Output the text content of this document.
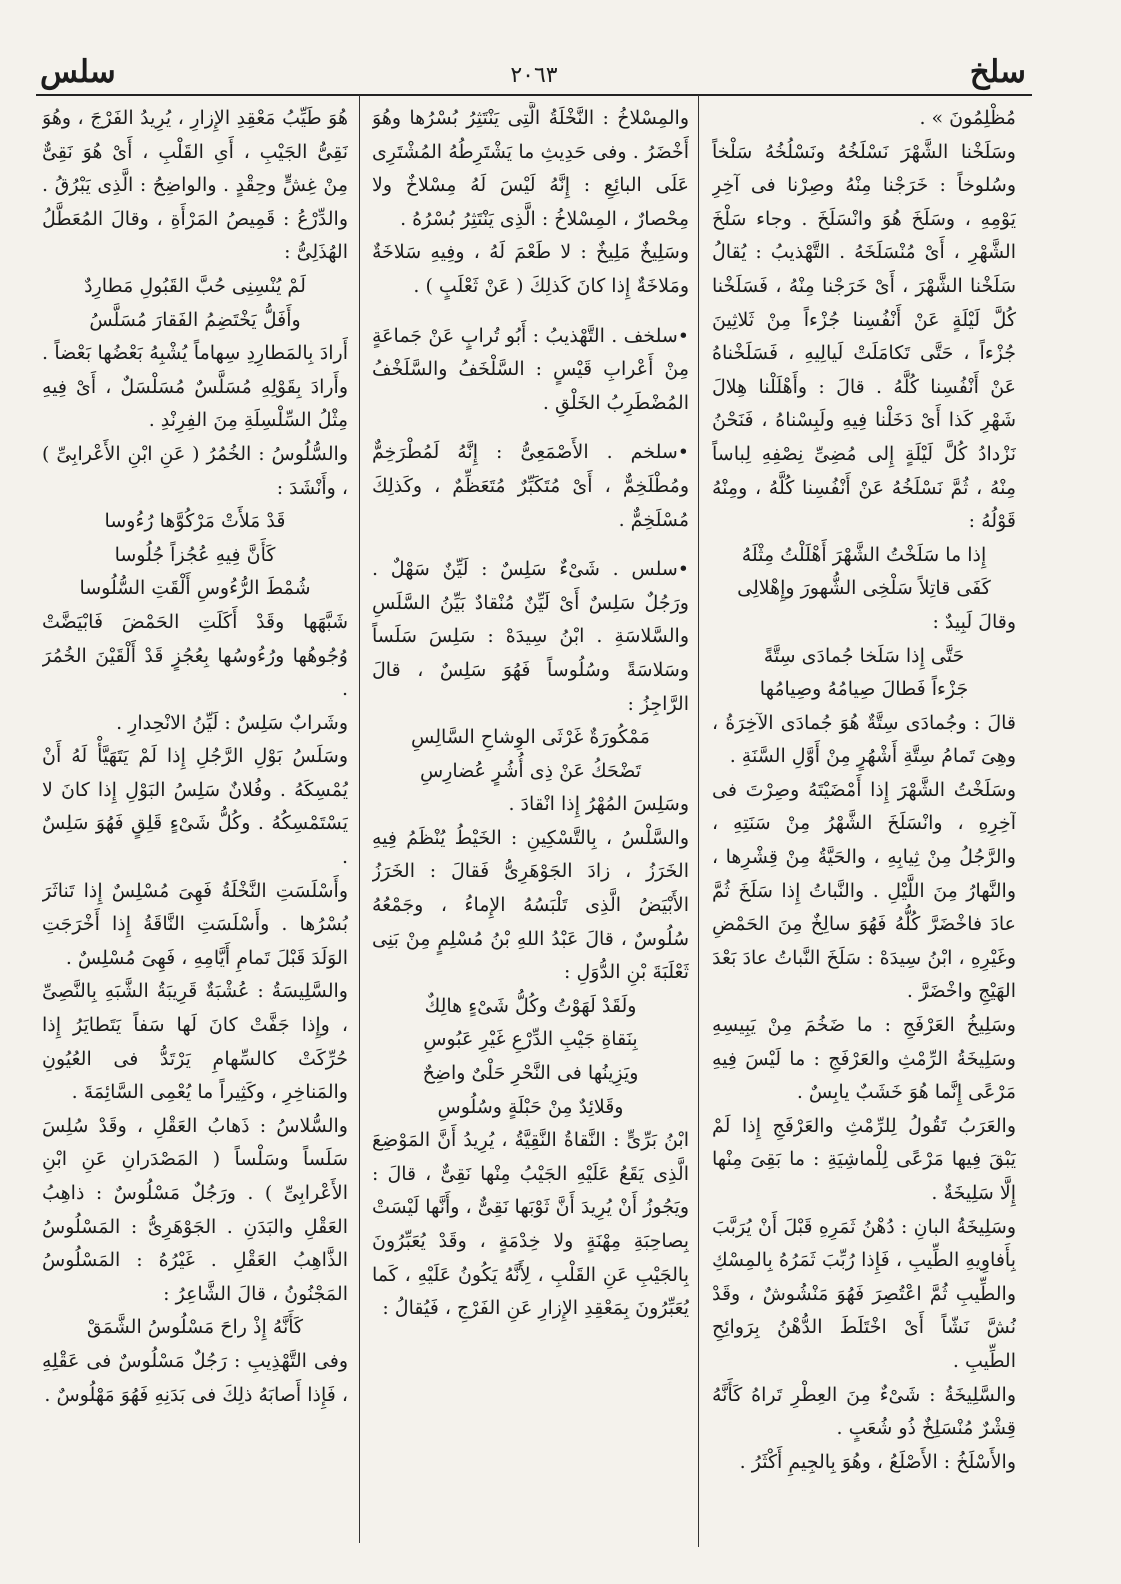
سلخ
٢٠٦٣
سلس

مُظْلِمُونَ » .

وسَلَخْنا الشَّهْرَ نَسْلَخُهُ ونَسْلُخُهُ سَلْخاً وسُلوخاً : خَرَجْنا مِنْهُ وصِرْنا فى آخِرِ يَوْمِهِ ، وسَلَخَ هُوَ وانْسَلَخَ . وجاء سَلْخَ الشَّهْرِ ، أَىْ مُنْسَلَخَهُ . التَّهْذيبُ : يُقالُ سَلَخْنا الشَّهْرَ ، أَىْ خَرَجْنا مِنْهُ ، فَسَلَخْنا كُلَّ لَيْلَةٍ عَنْ أَنْفُسِنا جُزْءاً مِنْ ثَلاثِينَ جُزْءاً ، حَتَّى تَكامَلَتْ لَيالِيهِ ، فَسَلَخْناهُ عَنْ أَنْفُسِنا كُلَّهُ . قالَ : وأَهْلَلْنا هِلالَ شَهْرِ كَذا أَىْ دَخَلْنا فِيهِ ولَبِسْناهُ ، فَنَحْنُ نَزْدادُ كُلَّ لَيْلَةٍ إِلى مُضِىِّ نِصْفِهِ لِباساً مِنْهُ ، ثُمَّ نَسْلَخُهُ عَنْ أَنْفُسِنا كُلَّهُ ، ومِنْهُ قَوْلُهُ :

إِذا ما سَلَخْتُ الشَّهْرَ أَهْلَلْتُ مِثْلَهُ

كَفَى قاتِلاً سَلْخِى الشُّهورَ وإِهْلالِى

وقالَ لَبِيدٌ :

حَتَّى إِذا سَلَخا جُمادَى سِتَّةً

جَزْءاً فَطالَ صِيامُهُ وصِيامُها

قالَ : وجُمادَى سِتَّةٌ هُوَ جُمادَى الآخِرَةُ ، وهِىَ تَمامُ سِتَّةِ أَشْهُرٍ مِنْ أَوَّلِ السَّنَةِ .

وسَلَخْتُ الشَّهْرَ إِذا أَمْضَيْتَهُ وصِرْتَ فى آخِرِهِ ، وانْسَلَخَ الشَّهْرُ مِنْ سَنَتِهِ ، والرَّجُلُ مِنْ ثِيابِهِ ، والحَيَّةُ مِنْ قِشْرِها ، والنَّهارُ مِنَ اللَّيْلِ . والنَّباتُ إِذا سَلَخَ ثُمَّ عادَ فاخْضَرَّ كُلُّهُ فَهُوَ سالِخٌ مِنَ الحَمْضِ وغَيْرِهِ ، ابْنُ سِيدَهْ : سَلَخَ النَّباتُ عادَ بَعْدَ الهَيْجِ واخْضَرَّ .

وسَلِيخُ العَرْفَجِ : ما ضَخُمَ مِنْ يَبِيسِهِ وسَلِيخَةُ الرِّمْثِ والعَرْفَجِ : ما لَيْسَ فِيهِ مَرْعًى إِنَّما هُوَ خَشَبٌ يابِسٌ .

والعَرَبُ تَقُولُ لِلرِّمْثِ والعَرْفَجِ إِذا لَمْ يَبْقَ فِيها مَرْعًى لِلْماشِيَةِ : ما بَقِىَ مِنْها إِلَّا سَلِيخَةٌ .

وسَلِيخَةُ البانِ : دُهْنُ ثَمَرِهِ قَبْلَ أَنْ يُرَبَّبَ بِأَفاوِيهِ الطِّيبِ ، فَإِذا رُبِّبَ ثَمَرُهُ بِالمِسْكِ والطِّيبِ ثُمَّ اعْتُصِرَ فَهُوَ مَنْشُوشٌ ، وقَدْ نُشَّ نَشّاً أَىْ اخْتَلَطَ الدُّهْنُ بِرَوائِحِ الطِّيبِ .

والسَّلِيخَةُ : شَىْءٌ مِنَ العِطْرِ تَراهُ كَأَنَّهُ قِشْرٌ مُنْسَلِخٌ ذُو شُعَبٍ .

والأَسْلَخُ : الأَصْلَعُ ، وهُوَ بِالجِيمِ أَكْثَرُ .

والمِسْلاخُ : النَّخْلَةُ الَّتِى يَنْتَثِرُ بُسْرُها وهُوَ أَخْضَرُ . وفى حَدِيثِ ما يَشْتَرِطُهُ المُشْتَرِى عَلَى البائِعِ : إِنَّهُ لَيْسَ لَهُ مِسْلاخٌ ولا مِحْصارٌ ، المِسْلاخُ : الَّذِى يَنْتَثِرُ بُسْرُهُ .

وسَلِيخٌ مَلِيخٌ : لا طَعْمَ لَهُ ، وفِيهِ سَلاخَةٌ ومَلاخَةٌ إِذا كانَ كَذلِكَ ( عَنْ ثَعْلَبٍ ) .

• سلخف . التَّهْذيبُ : أَبُو تُرابٍ عَنْ جَماعَةٍ مِنْ أَعْرابِ قَيْسٍ : السَّلْخَفُ والسَّلَخْفُ المُضْطَرِبُ الخَلْقِ .

• سلخم . الأَصْمَعِىُّ : إِنَّهُ لَمُطْرَخِمٌّ ومُطْلَخِمٌّ ، أَىْ مُتَكَبِّرٌ مُتَعَظِّمٌ ، وكَذلِكَ مُسْلَخِمٌّ .

• سلس . شَىْءٌ سَلِسٌ : لَيِّنٌ سَهْلٌ . ورَجُلٌ سَلِسٌ أَىْ لَيِّنٌ مُنْقادٌ بَيِّنُ السَّلَسِ والسَّلاسَةِ . ابْنُ سِيدَهْ : سَلِسَ سَلَساً وسَلاسَةً وسُلُوساً فَهُوَ سَلِسٌ ، قالَ الرَّاجِزُ :

مَمْكُورَةٌ غَرْثَى الوِشاحِ السَّالِسِ

تَضْحَكُ عَنْ ذِى أُشُرٍ عُضارِسِ

وسَلِسَ المُهْرُ إِذا انْقادَ .

والسَّلْسُ ، بِالتَّسْكِينِ : الخَيْطُ يُنْظَمُ فِيهِ الخَرَزُ ، زادَ الجَوْهَرِىُّ فَقالَ : الخَرَزُ الأَبْيَضُ الَّذِى تَلْبَسُهُ الإِماءُ ، وجَمْعُهُ سُلُوسٌ ، قالَ عَبْدُ اللهِ بْنُ مُسْلِمٍ مِنْ بَنِى ثَعْلَبَةَ بْنِ الدُّوَلِ :

ولَقَدْ لَهَوْتُ وكُلُّ شَىْءٍ هالِكٌ

بِنَقاةِ جَيْبِ الدِّرْعِ غَيْرِ عَبُوسِ

ويَزِينُها فى النَّحْرِ حَلْىٌ واضِحٌ

وقَلائِدٌ مِنْ حَبْلَةٍ وسُلُوسِ

ابْنُ بَرِّىٍّ : النَّقاةُ النَّقِيَّةُ ، يُرِيدُ أَنَّ المَوْضِعَ الَّذِى يَقَعُ عَلَيْهِ الجَيْبُ مِنْها نَقِىٌّ ، قالَ : ويَجُوزُ أَنْ يُرِيدَ أَنَّ ثَوْبَها نَقِىٌّ ، وأَنَّها لَيْسَتْ بِصاحِبَةِ مِهْنَةٍ ولا خِدْمَةٍ ، وقَدْ يُعَبِّرُونَ بِالجَيْبِ عَنِ القَلْبِ ، لِأَنَّهُ يَكُونُ عَلَيْهِ ، كَما يُعَبِّرُونَ بِمَعْقِدِ الإِزارِ عَنِ الفَرْجِ ، فَيُقالُ :

هُوَ طَيِّبُ مَعْقِدِ الإِزارِ ، يُرِيدُ الفَرْجَ ، وهُوَ نَقِىُّ الجَيْبِ ، أَىِ القَلْبِ ، أَىْ هُوَ نَقِىٌّ مِنْ غِشٍّ وحِقْدٍ . والواضِحُ : الَّذِى يَبْرُقُ . والدِّرْعُ : قَمِيصُ المَرْأَةِ ، وقالَ المُعَطَّلُ الهُذَلِىُّ :

لَمْ يُنْسِنِى حُبَّ القَبُولِ مَطارِدٌ

وأَفَلُّ يَخْتَضِمُ الفَقارَ مُسَلَّسُ

أَرادَ بِالمَطارِدِ سِهاماً يُشْبِهُ بَعْضُها بَعْضاً . وأَرادَ بِقَوْلِهِ مُسَلَّسٌ مُسَلْسَلٌ ، أَىْ فِيهِ مِثْلُ السِّلْسِلَةِ مِنَ الفِرِنْدِ .

والسُّلُوسُ : الخُمُرُ ( عَنِ ابْنِ الأَعْرابِىِّ ) ، وأَنْشَدَ :

قَدْ مَلأَتْ مَرْكُوَّها رُءُوسا

كَأَنَّ فِيهِ عُجُزاً جُلُوسا

شُمْطَ الرُّءُوسِ أَلْقَتِ السُّلُوسا

شَبَّهَها وقَدْ أَكَلَتِ الحَمْضَ فَابْيَضَّتْ وُجُوهُها ورُءُوسُها بِعُجُزٍ قَدْ أَلْقَيْنَ الخُمُرَ .

وشَرابٌ سَلِسٌ : لَيِّنُ الانْحِدارِ .

وسَلَسُ بَوْلِ الرَّجُلِ إِذا لَمْ يَتَهَيَّأْ لَهُ أَنْ يُمْسِكَهُ . وفُلانٌ سَلِسُ البَوْلِ إِذا كانَ لا يَسْتَمْسِكُهُ . وكُلُّ شَىْءٍ قَلِقٍ فَهُوَ سَلِسٌ .

وأَسْلَسَتِ النَّخْلَةُ فَهِىَ مُسْلِسٌ إِذا تَناثَرَ بُسْرُها . وأَسْلَسَتِ النَّاقَةُ إِذا أَخْرَجَتِ الوَلَدَ قَبْلَ تَمامِ أَيَّامِهِ ، فَهِىَ مُسْلِسٌ .

والسَّلِيسَةُ : عُشْبَةٌ قَرِيبَةُ الشَّبَهِ بِالنَّصِىِّ ، وإِذا جَفَّتْ كانَ لَها سَفاً يَتَطايَرُ إِذا حُرِّكَتْ كالسِّهامِ يَرْتَدُّ فى العُيُونِ والمَناخِرِ ، وكَثِيراً ما يُعْمِى السَّائِمَةَ .

والسُّلاسُ : ذَهابُ العَقْلِ ، وقَدْ سُلِسَ سَلَساً وسَلْساً ( المَصْدَرانِ عَنِ ابْنِ الأَعْرابِىِّ ) . ورَجُلٌ مَسْلُوسٌ : ذاهِبُ العَقْلِ والبَدَنِ . الجَوْهَرِىُّ : المَسْلُوسُ الذَّاهِبُ العَقْلِ . غَيْرُهُ : المَسْلُوسُ المَجْنُونُ ، قالَ الشَّاعِرُ :

كَأَنَّهُ إِذْ راحَ مَسْلُوسُ الشَّمَقْ

وفى التَّهْذِيبِ : رَجُلٌ مَسْلُوسٌ فى عَقْلِهِ ، فَإِذا أَصابَهُ ذلِكَ فى بَدَنِهِ فَهُوَ مَهْلُوسٌ .
